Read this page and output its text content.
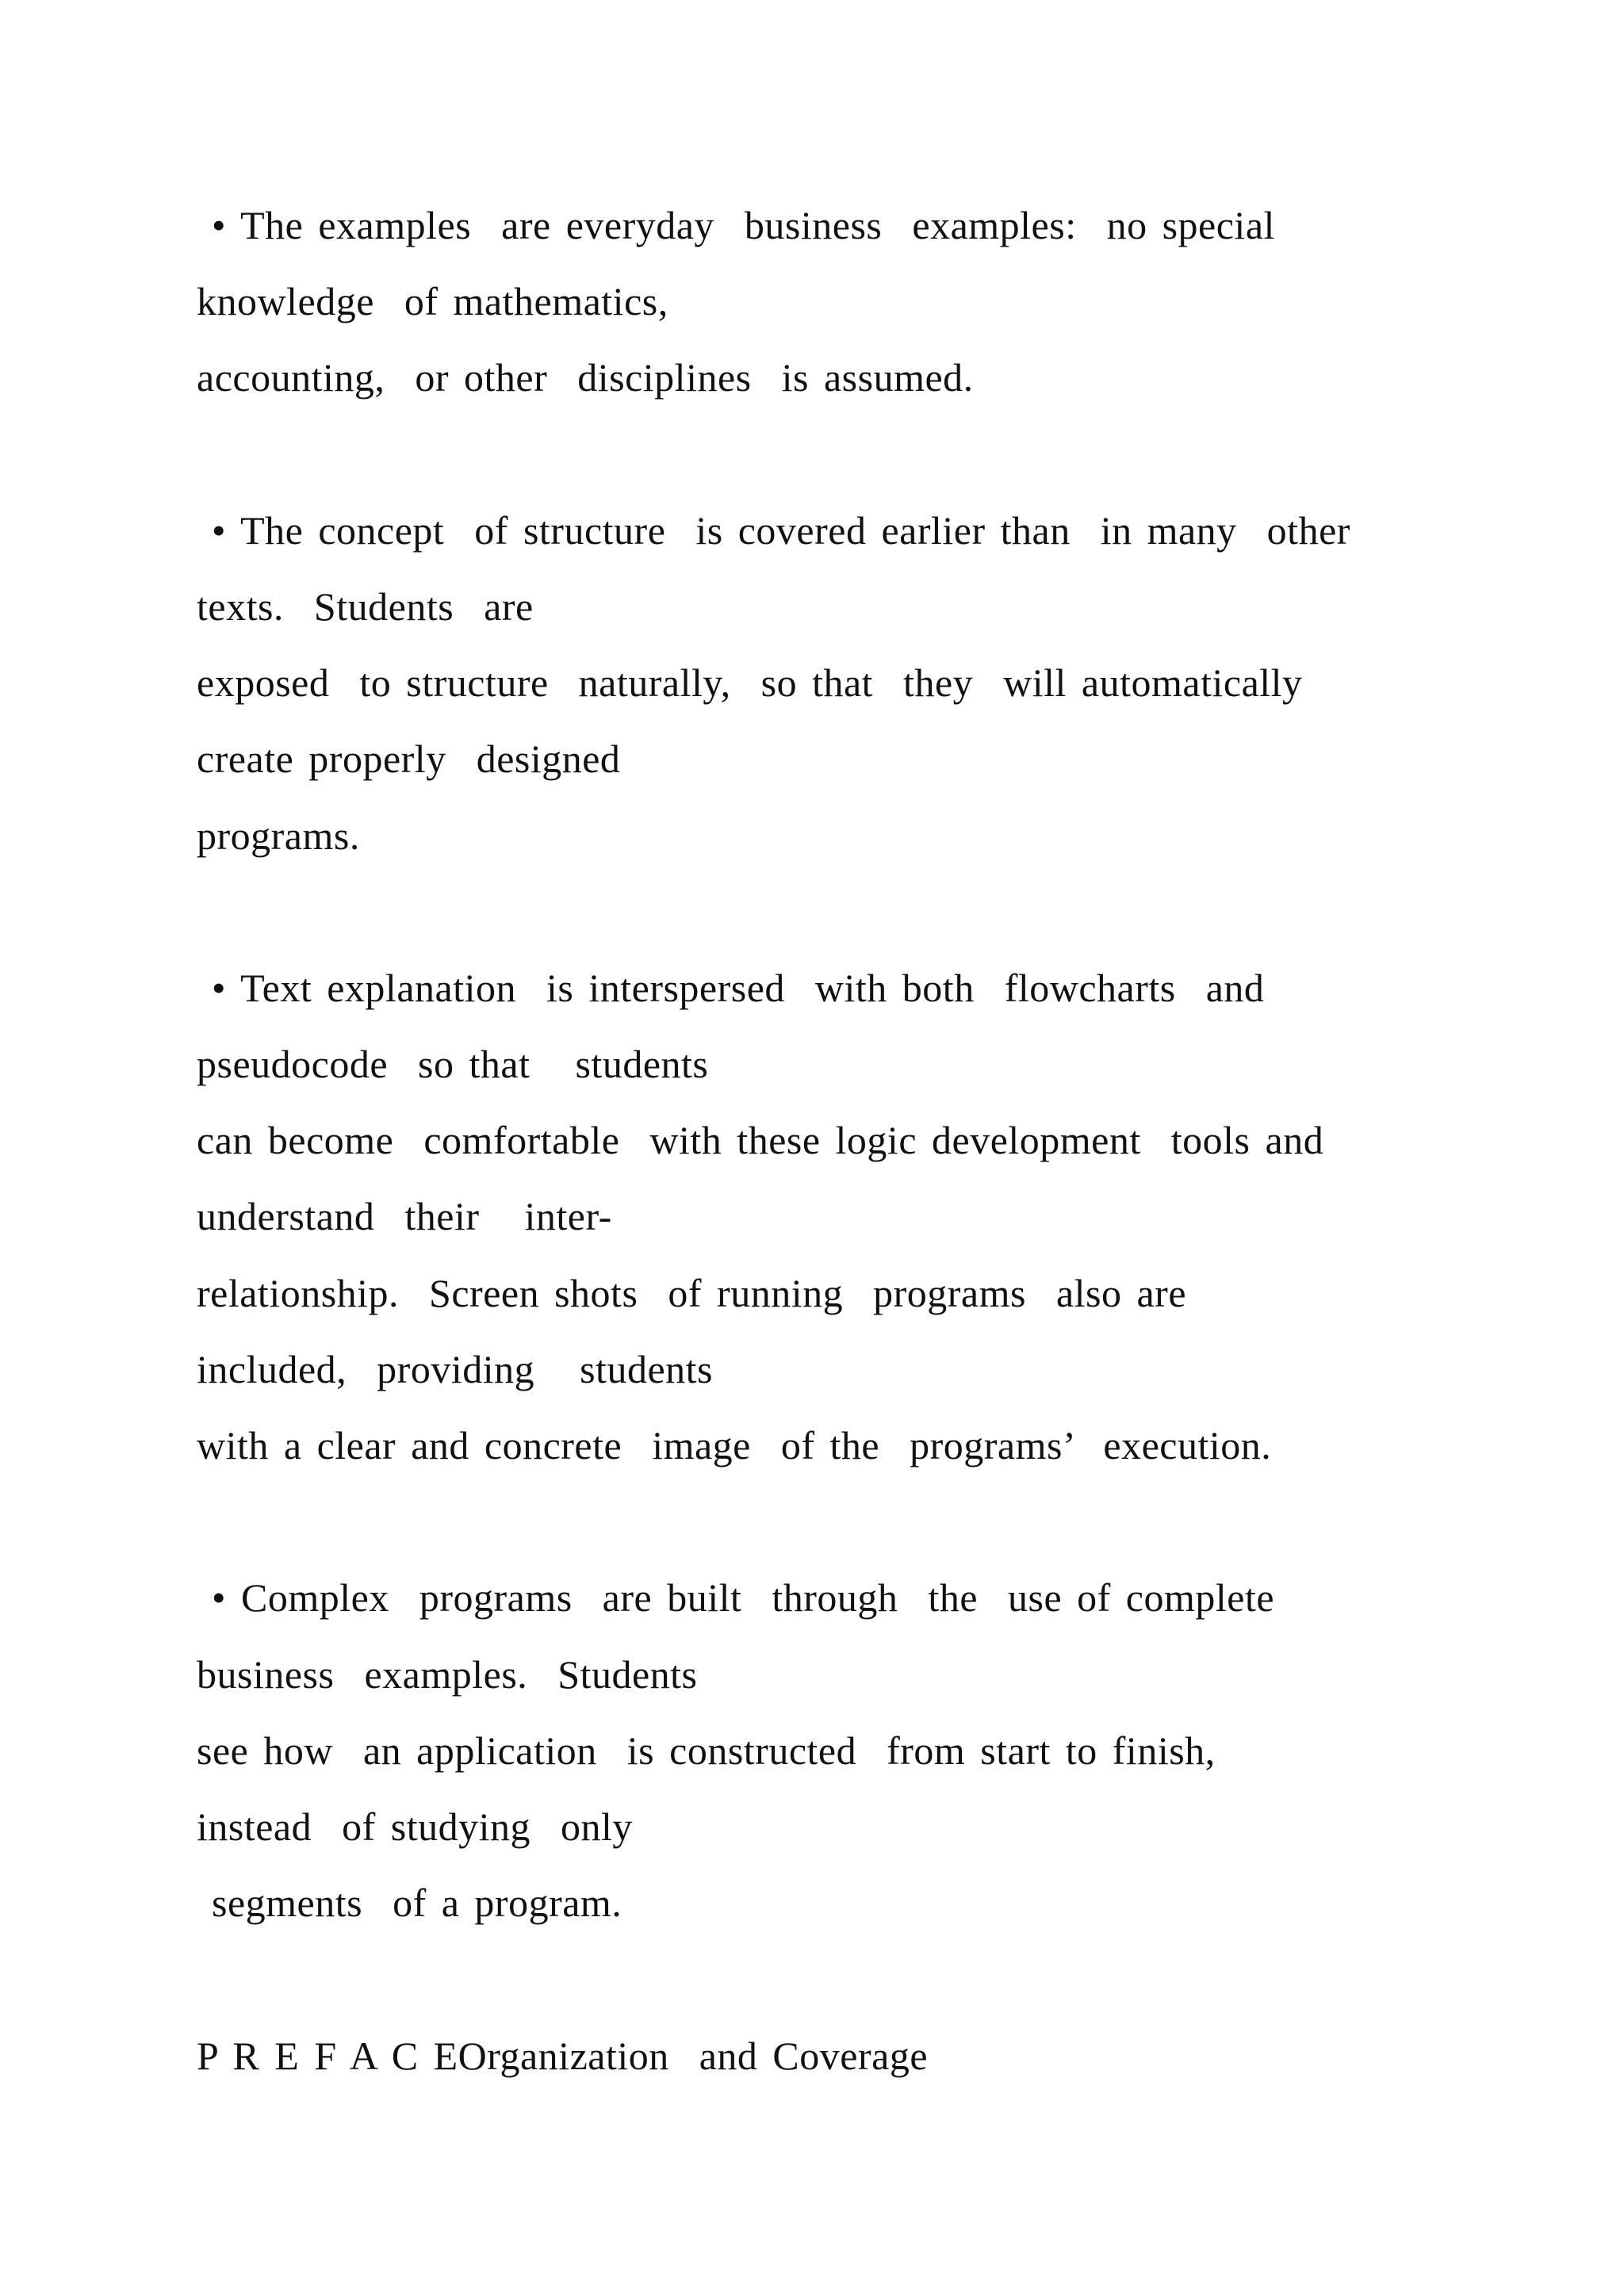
• The examples  are everyday  business  examples:  no special
knowledge  of mathematics,
accounting,  or other  disciplines  is assumed.
• The concept  of structure  is covered earlier than  in many  other
texts.  Students  are
exposed  to structure  naturally,  so that  they  will automatically
create properly  designed
programs.
• Text explanation  is interspersed  with both  flowcharts  and
pseudocode  so that   students
can become  comfortable  with these logic development  tools and
understand  their   inter-
relationship.  Screen shots  of running  programs  also are
included,  providing   students
with a clear and concrete  image  of the  programs’  execution.
• Complex  programs  are built  through  the  use of complete
business  examples.  Students
see how  an application  is constructed  from start to finish,
instead  of studying  only
segments  of a program.
P R E F A C EOrganization  and Coverage
